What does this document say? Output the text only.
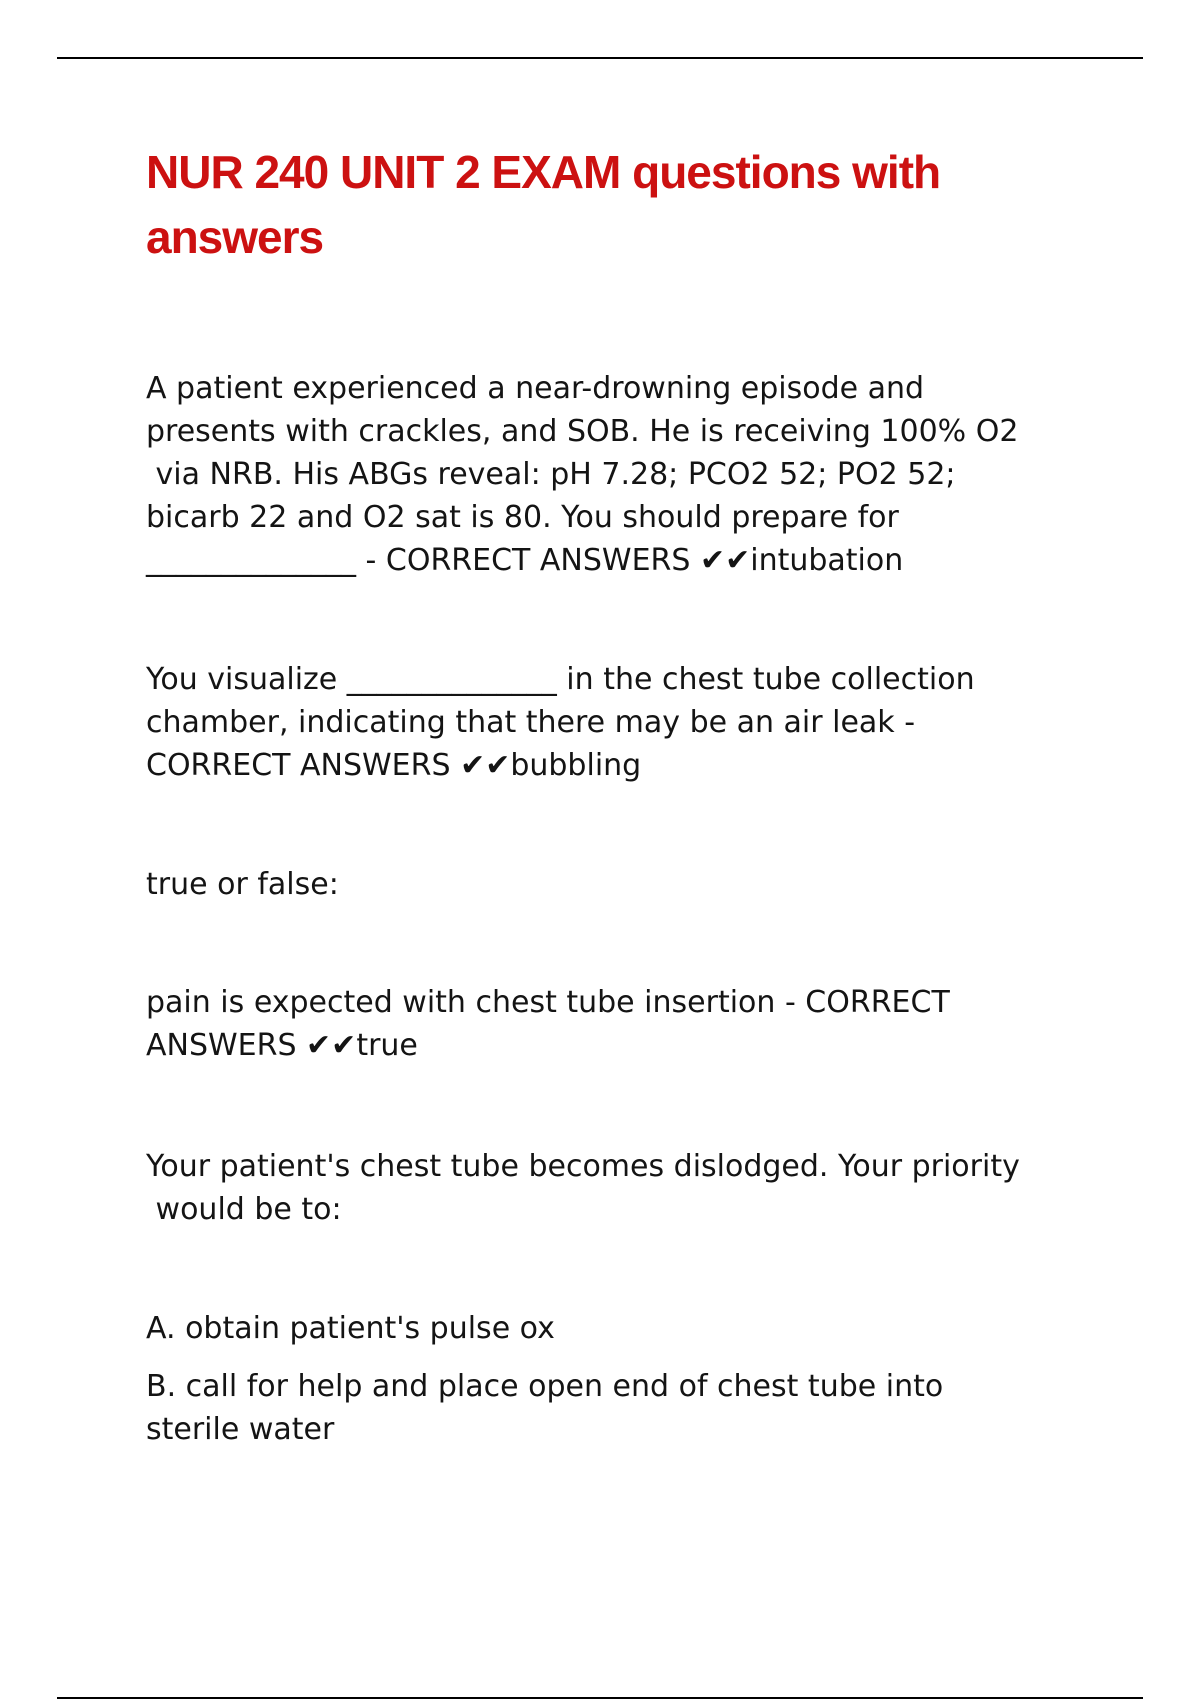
NUR 240 UNIT 2 EXAM questions with
answers

A patient experienced a near-drowning episode and
presents with crackles, and SOB. He is receiving 100% O2
via NRB. His ABGs reveal: pH 7.28; PCO2 52; PO2 52;
bicarb 22 and O2 sat is 80. You should prepare for
______________ - CORRECT ANSWERS ✔✔intubation

You visualize ______________ in the chest tube collection
chamber, indicating that there may be an air leak -
CORRECT ANSWERS ✔✔bubbling

true or false:

pain is expected with chest tube insertion - CORRECT
ANSWERS ✔✔true

Your patient's chest tube becomes dislodged. Your priority
would be to:

A. obtain patient's pulse ox

B. call for help and place open end of chest tube into
sterile water
